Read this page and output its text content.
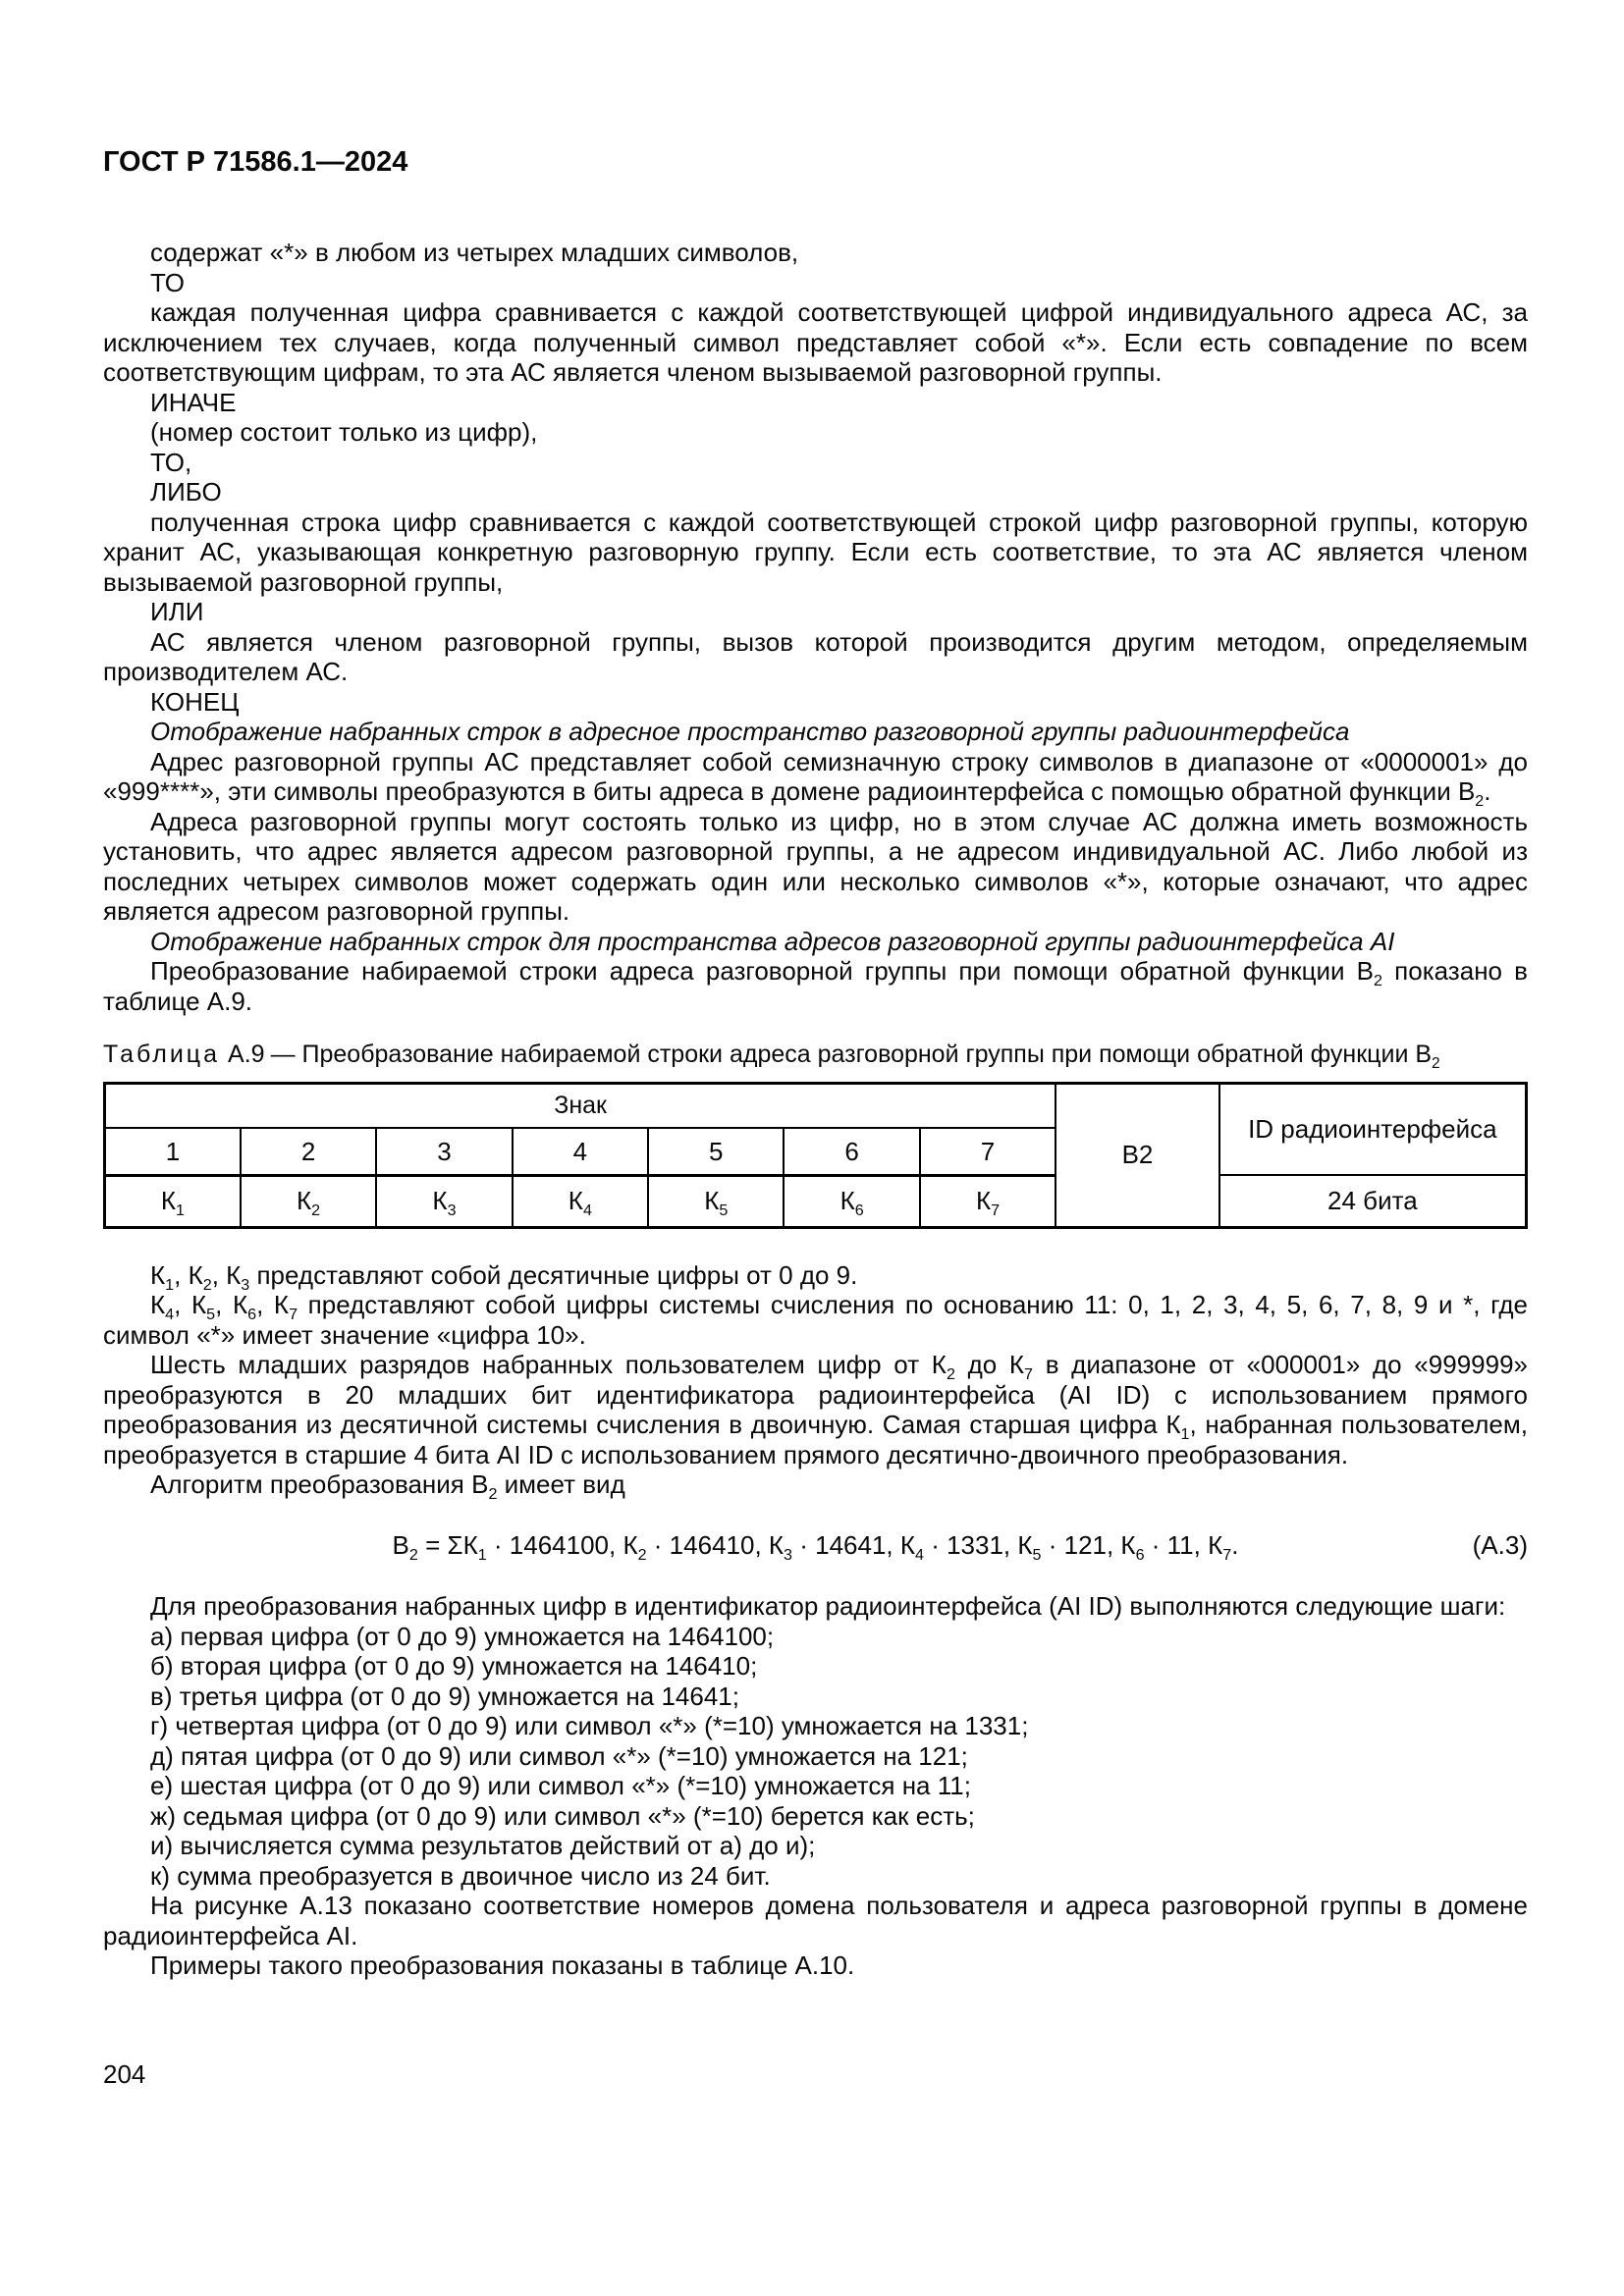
ГОСТ Р 71586.1—2024

содержат «*» в любом из четырех младших символов,

ТО

каждая полученная цифра сравнивается с каждой соответствующей цифрой индивидуального адреса АС, за исключением тех случаев, когда полученный символ представляет собой «*». Если есть совпадение по всем соответствующим цифрам, то эта АС является членом вызываемой разговорной группы.

ИНАЧЕ

(номер состоит только из цифр),

ТО,

ЛИБО

полученная строка цифр сравнивается с каждой соответствующей строкой цифр разговорной группы, которую хранит АС, указывающая конкретную разговорную группу. Если есть соответствие, то эта АС является членом вызываемой разговорной группы,

ИЛИ

АС является членом разговорной группы, вызов которой производится другим методом, определяемым производителем АС.

КОНЕЦ

Отображение набранных строк в адресное пространство разговорной группы радиоинтерфейса

Адрес разговорной группы АС представляет собой семизначную строку символов в диапазоне от «0000001» до «999****», эти символы преобразуются в биты адреса в домене радиоинтерфейса с помощью обратной функции $В_2$.

Адреса разговорной группы могут состоять только из цифр, но в этом случае АС должна иметь возможность установить, что адрес является адресом разговорной группы, а не адресом индивидуальной АС. Либо любой из последних четырех символов может содержать один или несколько символов «*», которые означают, что адрес является адресом разговорной группы.

Отображение набранных строк для пространства адресов разговорной группы радиоинтерфейса AI

Преобразование набираемой строки адреса разговорной группы при помощи обратной функции $В_2$ показано в таблице А.9.

Таблица А.9 — Преобразование набираемой строки адреса разговорной группы при помощи обратной функции $В_2$
Знак							В2	ID радиоинтерфейса
1	2	3	4	5	6	7		
$К_1$	$К_2$	$К_3$	$К_4$	$К_5$	$К_6$	$К_7$		24 бита

$К_1$, $К_2$, $К_3$ представляют собой десятичные цифры от 0 до 9.

$К_4$, $К_5$, $К_6$, $К_7$ представляют собой цифры системы счисления по основанию 11: 0, 1, 2, 3, 4, 5, 6, 7, 8, 9 и *, где символ «*» имеет значение «цифра 10».

Шесть младших разрядов набранных пользователем цифр от $К_2$ до $К_7$ в диапазоне от «000001» до «999999» преобразуются в 20 младших бит идентификатора радиоинтерфейса (AI ID) с использованием прямого преобразования из десятичной системы счисления в двоичную. Самая старшая цифра $К_1$, набранная пользователем, преобразуется в старшие 4 бита AI ID с использованием прямого десятично-двоичного преобразования.

Алгоритм преобразования $В_2$ имеет вид

$В_2 = \Sigma К_1 \cdot 1464100$, $К_2 \cdot 146410$, $К_3 \cdot 14641$, $К_4 \cdot 1331$, $К_5 \cdot 121$, $К_6 \cdot 11$, $К_7$.	(А.3)

Для преобразования набранных цифр в идентификатор радиоинтерфейса (AI ID) выполняются следующие шаги:

а) первая цифра (от 0 до 9) умножается на 1464100;

б) вторая цифра (от 0 до 9) умножается на 146410;

в) третья цифра (от 0 до 9) умножается на 14641;

г) четвертая цифра (от 0 до 9) или символ «*» (*=10) умножается на 1331;

д) пятая цифра (от 0 до 9) или символ «*» (*=10) умножается на 121;

е) шестая цифра (от 0 до 9) или символ «*» (*=10) умножается на 11;

ж) седьмая цифра (от 0 до 9) или символ «*» (*=10) берется как есть;

и) вычисляется сумма результатов действий от а) до и);

к) сумма преобразуется в двоичное число из 24 бит.

На рисунке А.13 показано соответствие номеров домена пользователя и адреса разговорной группы в домене радиоинтерфейса AI.

Примеры такого преобразования показаны в таблице А.10.

204
